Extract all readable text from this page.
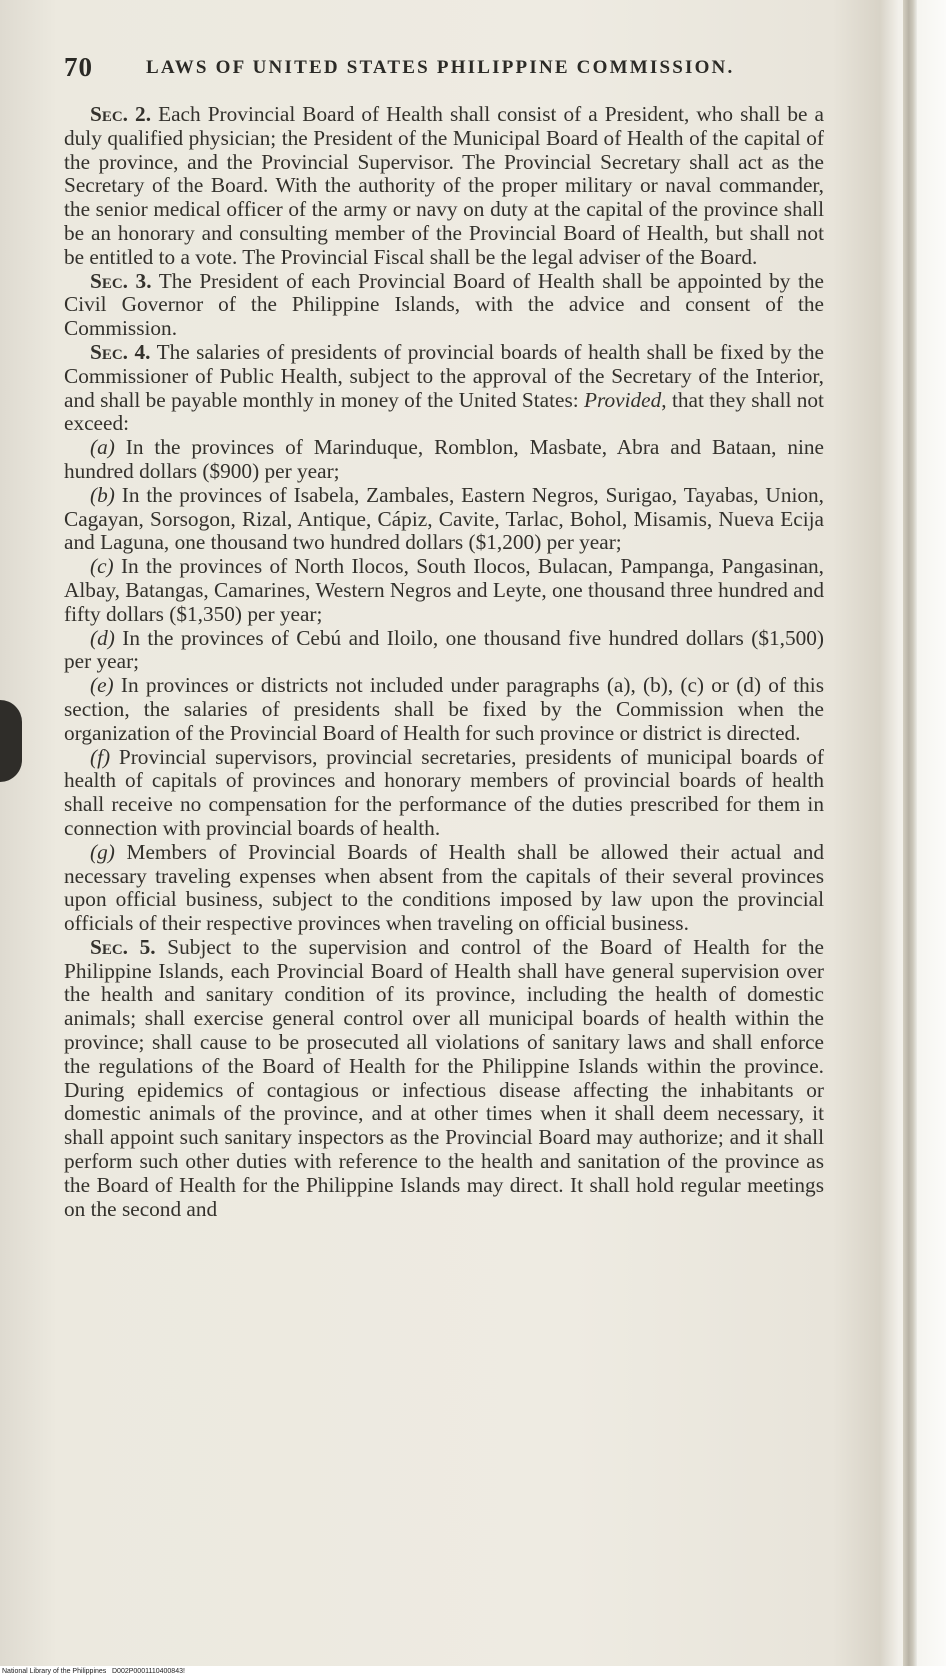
70	LAWS OF UNITED STATES PHILIPPINE COMMISSION.

Sec. 2. Each Provincial Board of Health shall consist of a President, who shall be a duly qualified physician; the President of the Municipal Board of Health of the capital of the province, and the Provincial Supervisor. The Provincial Secretary shall act as the Secretary of the Board. With the authority of the proper military or naval commander, the senior medical officer of the army or navy on duty at the capital of the province shall be an honorary and consulting member of the Provincial Board of Health, but shall not be entitled to a vote. The Provincial Fiscal shall be the legal adviser of the Board.

Sec. 3. The President of each Provincial Board of Health shall be appointed by the Civil Governor of the Philippine Islands, with the advice and consent of the Commission.

Sec. 4. The salaries of presidents of provincial boards of health shall be fixed by the Commissioner of Public Health, subject to the approval of the Secretary of the Interior, and shall be payable monthly in money of the United States: Provided, that they shall not exceed:

(a) In the provinces of Marinduque, Romblon, Masbate, Abra and Bataan, nine hundred dollars ($900) per year;

(b) In the provinces of Isabela, Zambales, Eastern Negros, Surigao, Tayabas, Union, Cagayan, Sorsogon, Rizal, Antique, Cápiz, Cavite, Tarlac, Bohol, Misamis, Nueva Ecija and Laguna, one thousand two hundred dollars ($1,200) per year;

(c) In the provinces of North Ilocos, South Ilocos, Bulacan, Pampanga, Pangasinan, Albay, Batangas, Camarines, Western Negros and Leyte, one thousand three hundred and fifty dollars ($1,350) per year;

(d) In the provinces of Cebú and Iloilo, one thousand five hundred dollars ($1,500) per year;

(e) In provinces or districts not included under paragraphs (a), (b), (c) or (d) of this section, the salaries of presidents shall be fixed by the Commission when the organization of the Provincial Board of Health for such province or district is directed.

(f) Provincial supervisors, provincial secretaries, presidents of municipal boards of health of capitals of provinces and honorary members of provincial boards of health shall receive no compensation for the performance of the duties prescribed for them in connection with provincial boards of health.

(g) Members of Provincial Boards of Health shall be allowed their actual and necessary traveling expenses when absent from the capitals of their several provinces upon official business, subject to the conditions imposed by law upon the provincial officials of their respective provinces when traveling on official business.

Sec. 5. Subject to the supervision and control of the Board of Health for the Philippine Islands, each Provincial Board of Health shall have general supervision over the health and sanitary condition of its province, including the health of domestic animals; shall exercise general control over all municipal boards of health within the province; shall cause to be prosecuted all violations of sanitary laws and shall enforce the regulations of the Board of Health for the Philippine Islands within the province. During epidemics of contagious or infectious disease affecting the inhabitants or domestic animals of the province, and at other times when it shall deem necessary, it shall appoint such sanitary inspectors as the Provincial Board may authorize; and it shall perform such other duties with reference to the health and sanitation of the province as the Board of Health for the Philippine Islands may direct. It shall hold regular meetings on the second and

National Library of the Philippines D002P0001110400843!
